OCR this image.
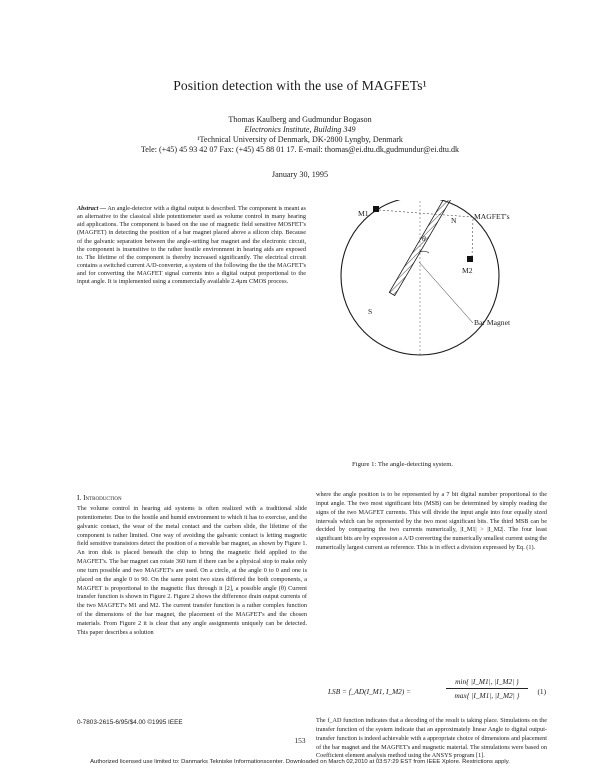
Position detection with the use of MAGFETs¹
Thomas Kaulberg and Gudmundur Bogason
Electronics Institute, Building 349
¹Technical University of Denmark, DK-2800 Lyngby, Denmark
Tele: (+45) 45 93 42 07 Fax: (+45) 45 88 01 17. E-mail: thomas@ei.dtu.dk,gudmundur@ei.dtu.dk
January 30, 1995
Abstract — An angle-detector with a digital output is described. The component is meant as an alternative to the classical slide potentiometer used as volume control in many hearing aid applications. The component is based on the use of magnetic field sensitive MOSFET's (MAGFET) in detecting the position of a bar magnet placed above a silicon chip. Because of the galvanic separation between the angle-setting bar magnet and the electronic circuit, the component is insensitive to the rather hostile environment in hearing aids are exposed to. The lifetime of the component is thereby increased significantly. The electrical circuit contains a switched current A/D-converter, a system of the following the the the MAGFET's and for converting the MAGFET signal currents into a digital output proportional to the input angle. It is implemented using a commercially available 2.4µm CMOS process.
M1
θ
N
M2
S
MAGFET's
Bar Magnet
Figure 1: The angle-detecting system.
I. Introduction
The volume control in hearing aid systems is often realized with a traditional slide potentiometer. Due to the hostile and humid environment to which it has to exercise, and the galvanic contact, the wear of the metal contact and the carbon slide, the lifetime of the component is rather limited. One way of avoiding the galvanic contact is letting magnetic field sensitive transistors detect the position of a movable bar magnet, as shown by Figure 1. An iron disk is placed beneath the chip to bring the magnetic field applied to the MAGFET's. The bar magnet can rotate 360 turn if there can be a physical stop to make only one turn possible and two MAGFET's are used. On a circle, at the angle 0 to 0 and one is placed on the angle 0 to 90. On the same point two sizes differed the both components, a MAGFET is proportional to the magnetic flux through it [2], a possible angle (θ) Current transfer function is shown in Figure 2. Figure 2 shows the difference drain output currents of the two MAGFET's M1 and M2. The current transfer function is a rather complex function of the dimensions of the bar magnet, the placement of the MAGFET's and the chosen materials. From Figure 2 it is clear that any angle assignments uniquely can be detected. This paper describes a solution
where the angle position is to be represented by a 7 bit digital number proportional to the input angle. The two most significant bits (MSB) can be determined by simply reading the signs of the two MAGFET currents. This will divide the input angle into four equally sized intervals which can be represented by the two most significant bits. The third MSB can be decided by comparing the two currents numerically, |I_M1| > |I_M2|. The four least significant bits are by expression a A/D converting the numerically smallest current using the numerically largest current as reference. This is in effect a division expressed by Eq. (1).
LSB = f_AD(I_M1, I_M2) =
min{ |I_M1|, |I_M2| }
max{ |I_M1|, |I_M2| }	(1)
The f_AD function indicates that a decoding of the result is taking place. Simulations on the transfer function of the system indicate that an approximately linear Angle to digital output-transfer function is indeed achievable with a appropriate choice of dimensions and placement of the bar magnet and the MAGFET's and magnetic material. The simulations were based on Coefficient element analysis method using the ANSYS program [1].
0-7803-2615-6/95/$4.00 ©1995 IEEE
153
Authorized licensed use limited to: Danmarks Tekniske Informationscenter. Downloaded on March 02,2010 at 03:57:29 EST from IEEE Xplore. Restrictions apply.
